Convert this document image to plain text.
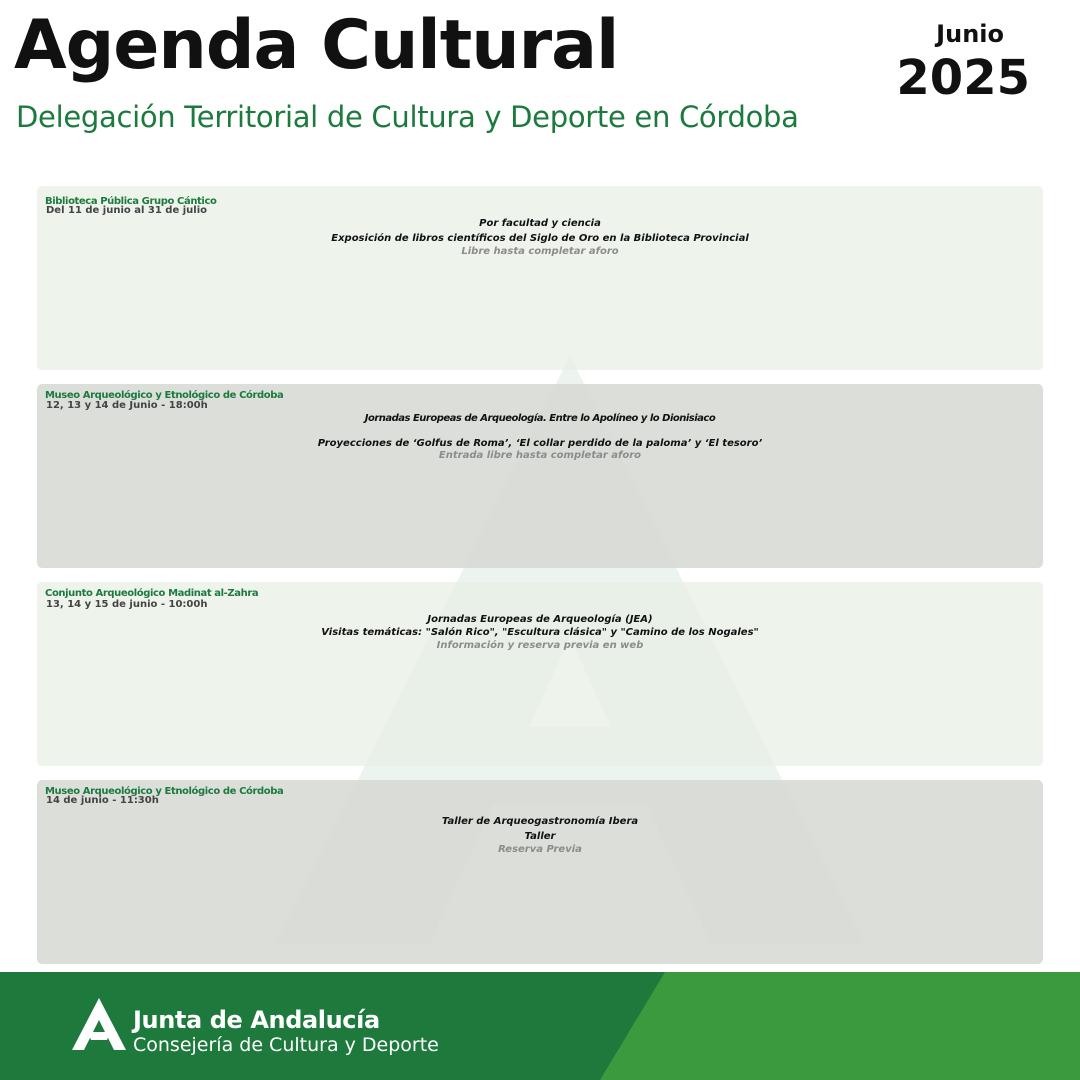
Agenda Cultural
Delegación Territorial de Cultura y Deporte en Córdoba
Junio
2025
Biblioteca Pública Grupo Cántico
Del 11 de junio al 31 de julio
Por facultad y ciencia
Exposición de libros científicos del Siglo de Oro en la Biblioteca Provincial
Libre hasta completar aforo
Museo Arqueológico y Etnológico de Córdoba
12, 13 y 14 de Junio - 18:00h
Jornadas Europeas de Arqueología. Entre lo Apolíneo y lo Dionisiaco
Proyecciones de ‘Golfus de Roma’, ‘El collar perdido de la paloma’ y ‘El tesoro’
Entrada libre hasta completar aforo
Conjunto Arqueológico Madinat al-Zahra
13, 14 y 15 de junio - 10:00h
Jornadas Europeas de Arqueología (JEA)
Visitas temáticas: "Salón Rico", "Escultura clásica" y "Camino de los Nogales"
Información y reserva previa en web
Museo Arqueológico y Etnológico de Córdoba
14 de junio - 11:30h
Taller de Arqueogastronomía Ibera
Taller
Reserva Previa
Junta de Andalucía
Consejería de Cultura y Deporte
